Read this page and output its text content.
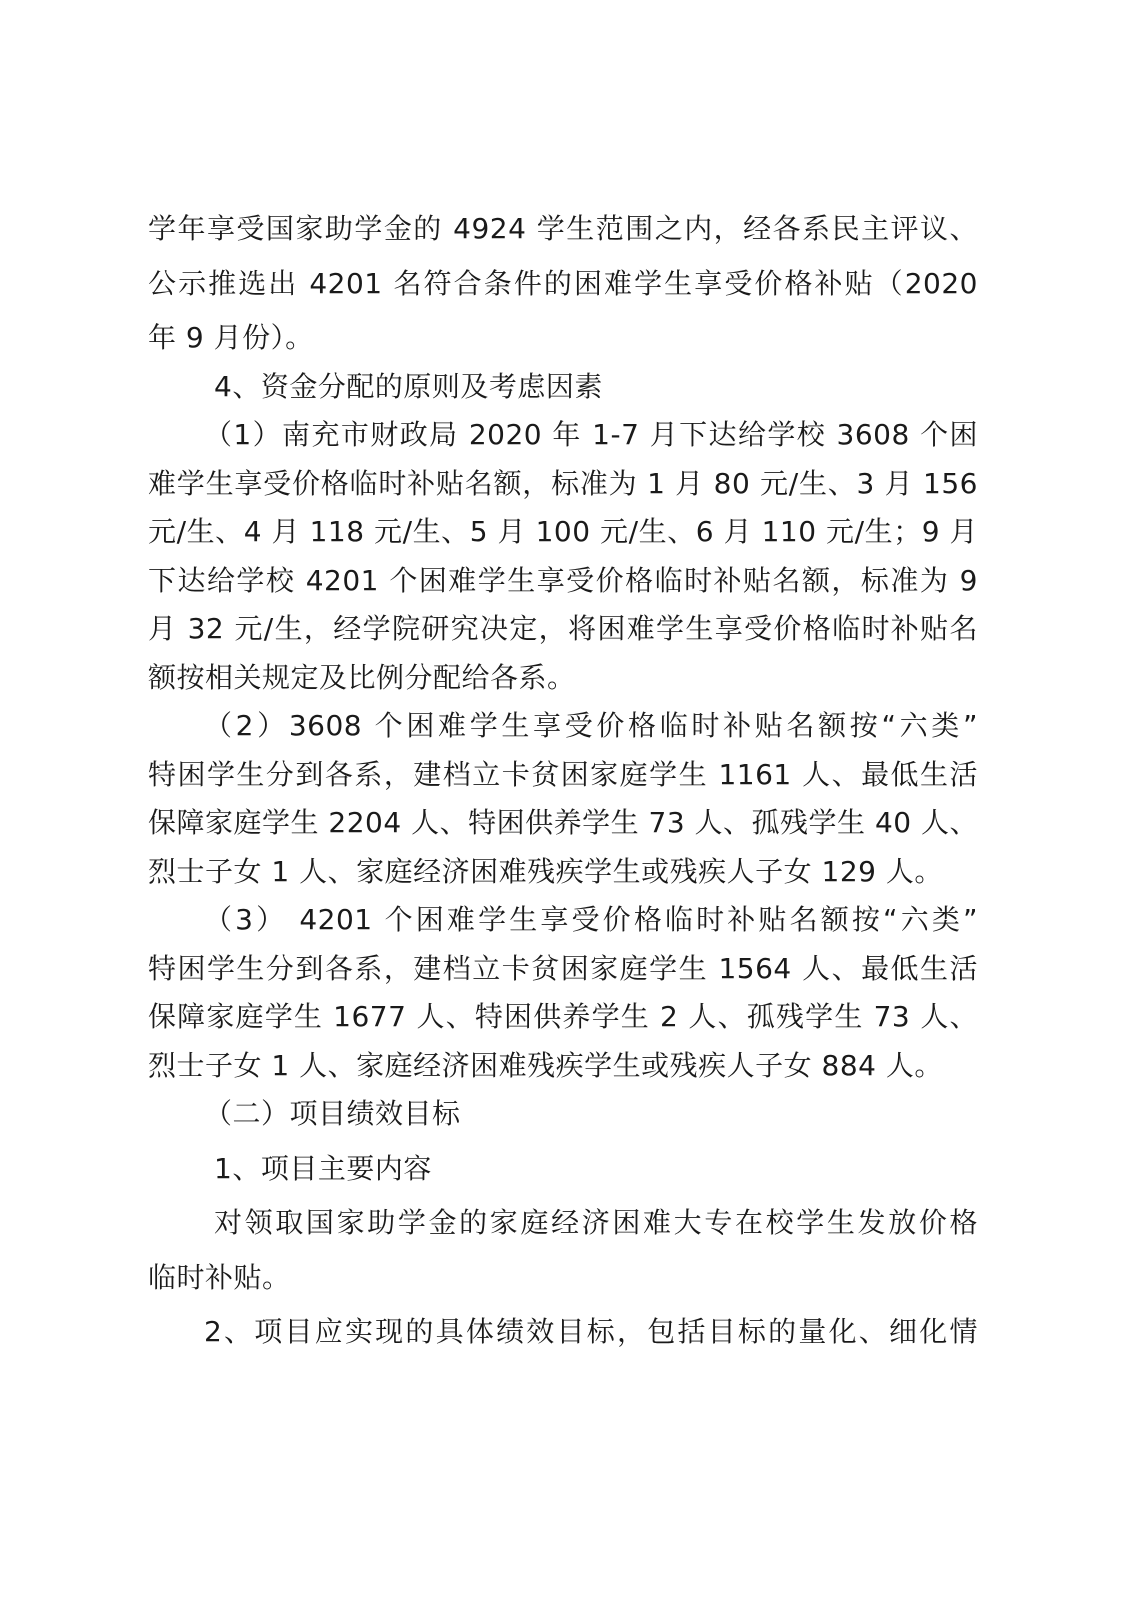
学年享受国家助学金的 4924 学生范围之内，经各系民主评议、
公示推选出 4201 名符合条件的困难学生享受价格补贴（2020
年 9 月份）。
4、资金分配的原则及考虑因素
（1）南充市财政局 2020 年 1-7 月下达给学校 3608 个困
难学生享受价格临时补贴名额，标准为 1 月 80 元/生、3 月 156
元/生、4 月 118 元/生、5 月 100 元/生、6 月 110 元/生；9 月
下达给学校 4201 个困难学生享受价格临时补贴名额，标准为 9
月 32 元/生，经学院研究决定，将困难学生享受价格临时补贴名
额按相关规定及比例分配给各系。
（2）3608 个困难学生享受价格临时补贴名额按“六类”
特困学生分到各系，建档立卡贫困家庭学生 1161 人、最低生活
保障家庭学生 2204 人、特困供养学生 73 人、孤残学生 40 人、
烈士子女 1 人、家庭经济困难残疾学生或残疾人子女 129 人。
（3） 4201 个困难学生享受价格临时补贴名额按“六类”
特困学生分到各系，建档立卡贫困家庭学生 1564 人、最低生活
保障家庭学生 1677 人、特困供养学生 2 人、孤残学生 73 人、
烈士子女 1 人、家庭经济困难残疾学生或残疾人子女 884 人。
（二）项目绩效目标
1、项目主要内容
对领取国家助学金的家庭经济困难大专在校学生发放价格
临时补贴。
2、项目应实现的具体绩效目标，包括目标的量化、细化情
